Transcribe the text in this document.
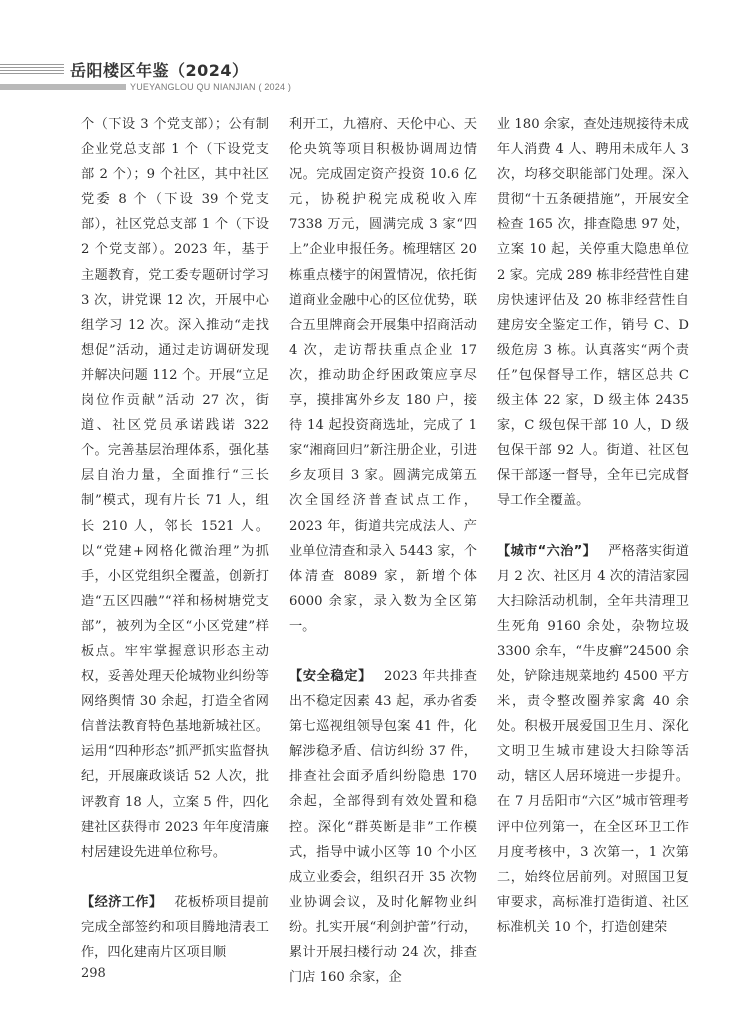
岳阳楼区年鉴（2024）
YUEYANGLOU QU NIANJIAN ( 2024 )

个（下设 3 个党支部）；公有制企业党总支部 1 个（下设党支部 2 个）；9 个社区，其中社区党委 8 个（下设 39 个党支部），社区党总支部 1 个（下设 2 个党支部）。2023 年，基于主题教育，党工委专题研讨学习 3 次，讲党课 12 次，开展中心组学习 12 次。深入推动“走找想促”活动，通过走访调研发现并解决问题 112 个。开展“立足岗位作贡献”活动 27 次，街道、社区党员承诺践诺 322 个。完善基层治理体系，强化基层自治力量，全面推行“三长制”模式，现有片长 71 人，组长 210 人，邻长 1521 人。以“党建+网格化微治理”为抓手，小区党组织全覆盖，创新打造“五区四融”“祥和杨树塘党支部”，被列为全区“小区党建”样板点。牢牢掌握意识形态主动权，妥善处理天伦城物业纠纷等网络舆情 30 余起，打造全省网信普法教育特色基地新城社区。运用“四种形态”抓严抓实监督执纪，开展廉政谈话 52 人次，批评教育 18 人，立案 5 件，四化建社区获得市 2023 年年度清廉村居建设先进单位称号。

【经济工作】 花板桥项目提前完成全部签约和项目腾地清表工作，四化建南片区项目顺

利开工，九禧府、天伦中心、天伦央筑等项目积极协调周边情况。完成固定资产投资 10.6 亿元，协税护税完成税收入库 7338 万元，圆满完成 3 家“四上”企业申报任务。梳理辖区 20 栋重点楼宇的闲置情况，依托街道商业金融中心的区位优势，联合五里牌商会开展集中招商活动 4 次，走访帮扶重点企业 17 次，推动助企纾困政策应享尽享，摸排寓外乡友 180 户，接待 14 起投资商选址，完成了 1 家“湘商回归”新注册企业，引进乡友项目 3 家。圆满完成第五次全国经济普查试点工作，2023 年，街道共完成法人、产业单位清查和录入 5443 家，个体清查 8089 家，新增个体 6000 余家，录入数为全区第一。

【安全稳定】 2023 年共排查出不稳定因素 43 起，承办省委第七巡视组领导包案 41 件，化解涉稳矛盾、信访纠纷 37 件，排查社会面矛盾纠纷隐患 170 余起，全部得到有效处置和稳控。深化“群英断是非”工作模式，指导中诚小区等 10 个小区成立业委会，组织召开 35 次物业协调会议，及时化解物业纠纷。扎实开展“利剑护蕾”行动，累计开展扫楼行动 24 次，排查门店 160 余家，企

业 180 余家，查处违规接待未成年人消费 4 人、聘用未成年人 3 次，均移交职能部门处理。深入贯彻“十五条硬措施”，开展安全检查 165 次，排查隐患 97 处，立案 10 起，关停重大隐患单位 2 家。完成 289 栋非经营性自建房快速评估及 20 栋非经营性自建房安全鉴定工作，销号 C、D 级危房 3 栋。认真落实“两个责任”包保督导工作，辖区总共 C 级主体 22 家，D 级主体 2435 家，C 级包保干部 10 人，D 级包保干部 92 人。街道、社区包保干部逐一督导，全年已完成督导工作全覆盖。

【城市“六治”】 严格落实街道月 2 次、社区月 4 次的清洁家园大扫除活动机制，全年共清理卫生死角 9160 余处，杂物垃圾 3300 余车，“牛皮癣”24500 余处，铲除违规菜地约 4500 平方米，责令整改圈养家禽 40 余处。积极开展爱国卫生月、深化文明卫生城市建设大扫除等活动，辖区人居环境进一步提升。在 7 月岳阳市“六区”城市管理考评中位列第一，在全区环卫工作月度考核中，3 次第一，1 次第二，始终位居前列。对照国卫复审要求，高标准打造街道、社区标准机关 10 个，打造创建荣

298
